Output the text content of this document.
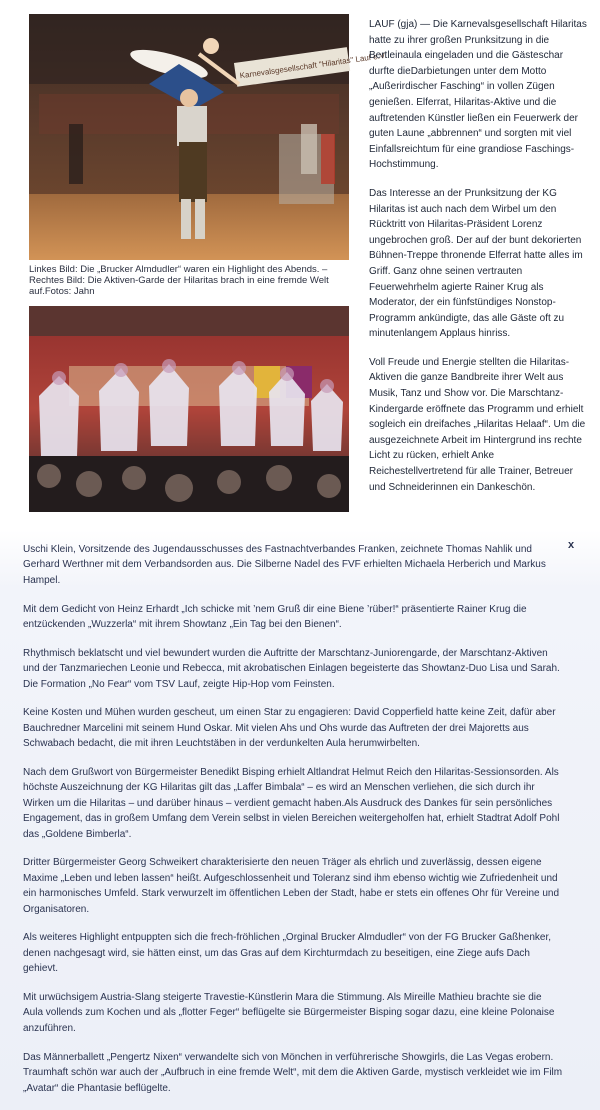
Karnevalsgesellschaft "Hilaritas" Lauf e.V.

Linkes Bild: Die „Brucker Almdudler“ waren ein Highlight des Abends. – Rechtes Bild: Die Aktiven-Garde der Hilaritas brach in eine fremde Welt auf.Fotos: Jahn

LAUF (gja) — Die Karnevalsgesellschaft Hilaritas hatte zu ihrer großen Prunksitzung in die Bertleinaula eingeladen und die Gästeschar durfte dieDarbietungen unter dem Motto „Außerirdischer Fasching“ in vollen Zügen genießen. Elferrat, Hilaritas-Aktive und die auftretenden Künstler ließen ein Feuerwerk der guten Laune „abbrennen“ und sorgten mit viel Einfallsreichtum für eine grandiose Faschings-Hochstimmung.

Das Interesse an der Prunksitzung der KG Hilaritas ist auch nach dem Wirbel um den Rücktritt von Hilaritas-Präsident Lorenz ungebrochen groß. Der auf der bunt dekorierten Bühnen-Treppe thronende Elferrat hatte alles im Griff. Ganz ohne seinen vertrauten Feuerwehrhelm agierte Rainer Krug als Moderator, der ein fünfstündiges Nonstop-Programm ankündigte, das alle Gäste oft zu minutenlangem Applaus hinriss.

Voll Freude und Energie stellten die Hilaritas-Aktiven die ganze Bandbreite ihrer Welt aus Musik, Tanz und Show vor. Die Marschtanz-Kindergarde eröffnete das Programm und erhielt sogleich ein dreifaches „Hilaritas Helaaf“. Um die ausgezeichnete Arbeit im Hintergrund ins rechte Licht zu rücken, erhielt Anke Reichestellvertretend für alle Trainer, Betreuer und Schneiderinnen ein Dankeschön.

Uschi Klein, Vorsitzende des Jugendausschusses des Fastnachtverbandes Franken, zeichnete Thomas Nahlik und Gerhard Werthner mit dem Verbandsorden aus. Die Silberne Nadel des FVF erhielten Michaela Herberich und Markus Hampel.

Mit dem Gedicht von Heinz Erhardt „Ich schicke mit ’nem Gruß dir eine Biene ’rüber!“ präsentierte Rainer Krug die entzückenden „Wuzzerla“ mit ihrem Showtanz „Ein Tag bei den Bienen“.

Rhythmisch beklatscht und viel bewundert wurden die Auftritte der Marschtanz-Juniorengarde, der Marschtanz-Aktiven und der Tanzmariechen Leonie und Rebecca, mit akrobatischen Einlagen begeisterte das Showtanz-Duo Lisa und Sarah. Die Formation „No Fear“ vom TSV Lauf, zeigte Hip-Hop vom Feinsten.

Keine Kosten und Mühen wurden gescheut, um einen Star zu engagieren: David Copperfield hatte keine Zeit, dafür aber Bauchredner Marcelini mit seinem Hund Oskar. Mit vielen Ahs und Ohs wurde das Auftreten der drei Majoretts aus Schwabach bedacht, die mit ihren Leuchtstäben in der verdunkelten Aula herumwirbelten.

Nach dem Grußwort von Bürgermeister Benedikt Bisping erhielt Altlandrat Helmut Reich den Hilaritas-Sessionsorden. Als höchste Auszeichnung der KG Hilaritas gilt das „Laffer Bimbala“ – es wird an Menschen verliehen, die sich durch ihr Wirken um die Hilaritas – und darüber hinaus – verdient gemacht haben.Als Ausdruck des Dankes für sein persönliches Engagement, das in großem Umfang dem Verein selbst in vielen Bereichen weitergeholfen hat, erhielt Stadtrat Adolf Pohl das „Goldene Bimberla“.

Dritter Bürgermeister Georg Schweikert charakterisierte den neuen Träger als ehrlich und zuverlässig, dessen eigene Maxime „Leben und leben lassen“ heißt. Aufgeschlossenheit und Toleranz sind ihm ebenso wichtig wie Zufriedenheit und ein harmonisches Umfeld. Stark verwurzelt im öffentlichen Leben der Stadt, habe er stets ein offenes Ohr für Vereine und Organisatoren.

Als weiteres Highlight entpuppten sich die frech-fröhlichen „Orginal Brucker Almdudler“ von der FG Brucker Gaßhenker, denen nachgesagt wird, sie hätten einst, um das Gras auf dem Kirchturmdach zu beseitigen, eine Ziege aufs Dach gehievt.

Mit urwüchsigem Austria-Slang steigerte Travestie-Künstlerin Mara die Stimmung. Als Mireille Mathieu brachte sie die Aula vollends zum Kochen und als „flotter Feger“ beflügelte sie Bürgermeister Bisping sogar dazu, eine kleine Polonaise anzuführen.

Das Männerballett „Pengertz Nixen“ verwandelte sich von Mönchen in verführerische Showgirls, die Las Vegas erobern. Traumhaft schön war auch der „Aufbruch in eine fremde Welt“, mit dem die Aktiven Garde, mystisch verkleidet wie im Film „Avatar“ die Phantasie beflügelte.

x
